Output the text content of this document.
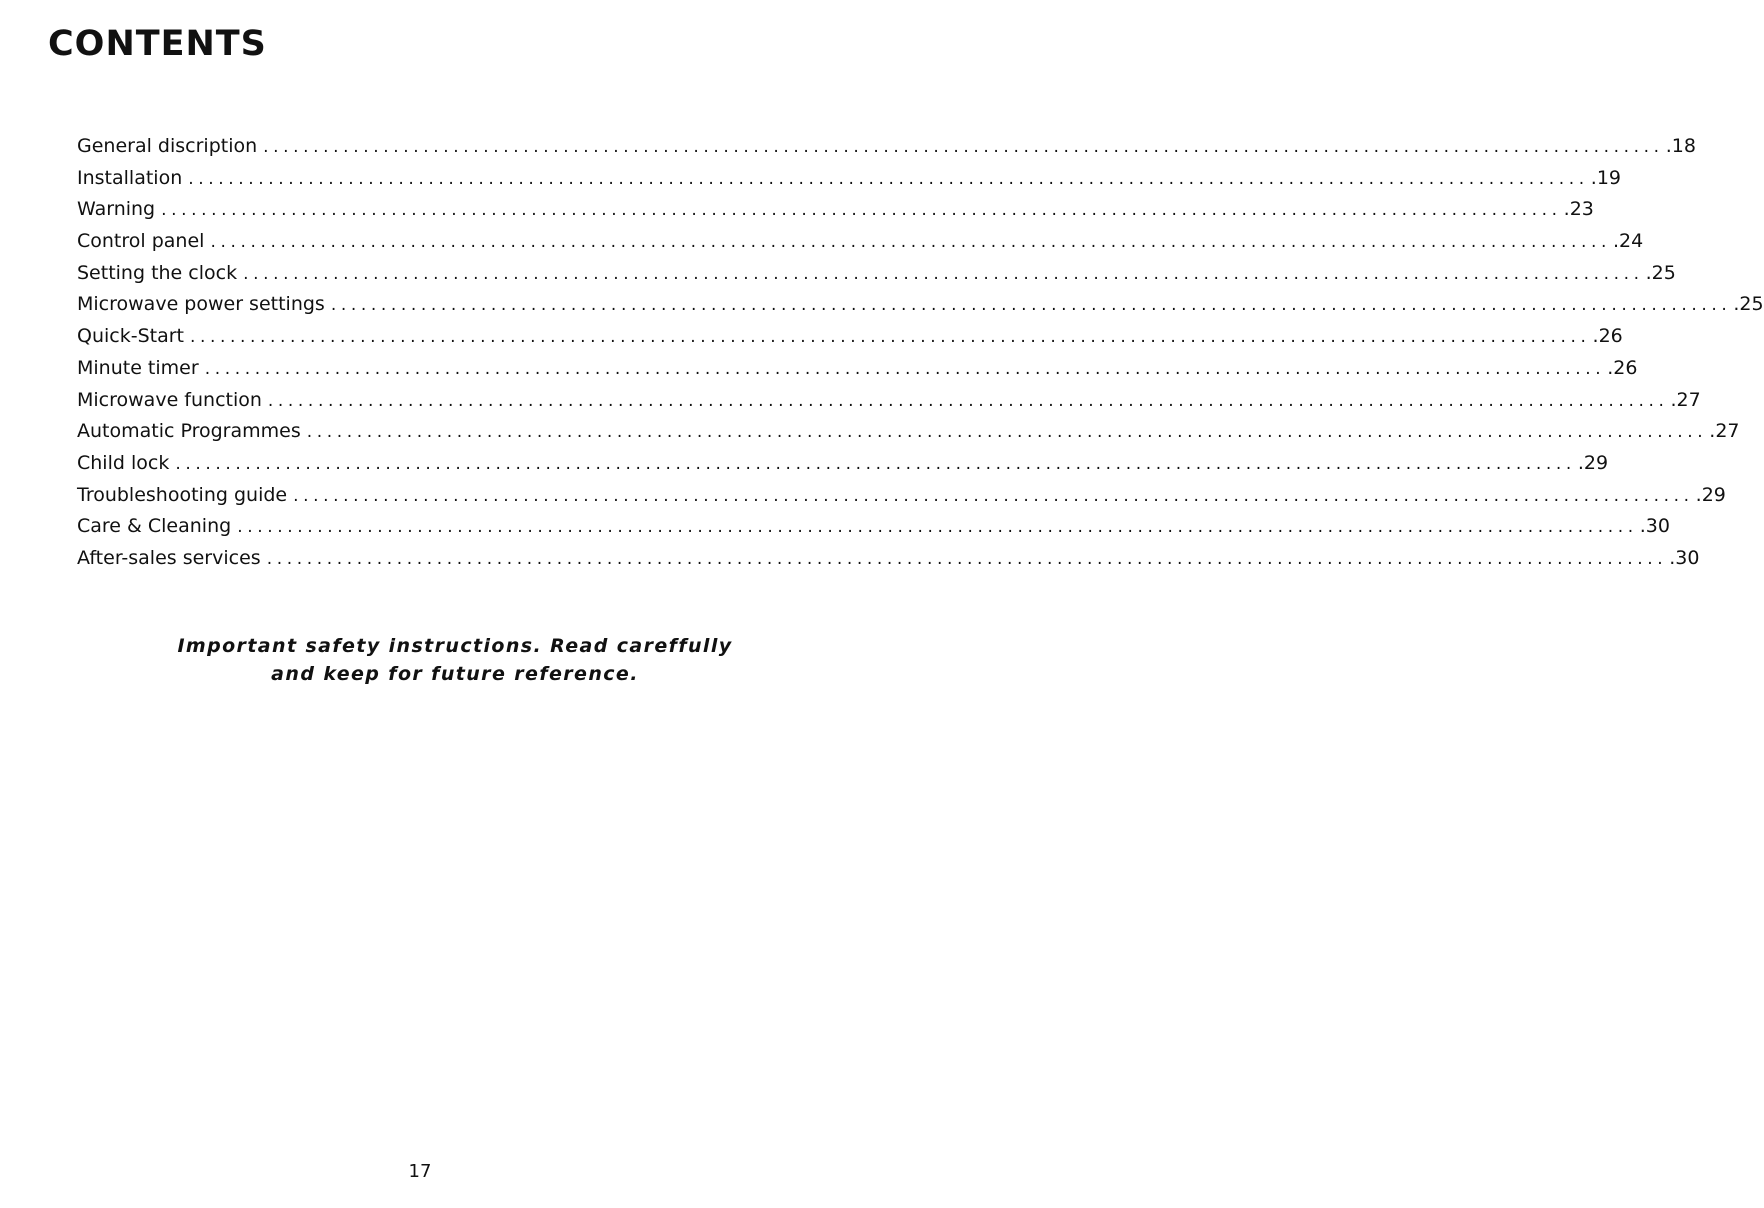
CONTENTS
General discription ............................................................................................................................................ .18
Installation ............................................................................................................................................ .19
Warning ............................................................................................................................................ .23
Control panel ............................................................................................................................................ .24
Setting the clock ............................................................................................................................................ .25
Microwave power settings ............................................................................................................................................ .25
Quick-Start ............................................................................................................................................ .26
Minute timer ............................................................................................................................................ .26
Microwave function ............................................................................................................................................ .27
Automatic Programmes ............................................................................................................................................ .27
Child lock ............................................................................................................................................ .29
Troubleshooting guide ............................................................................................................................................ .29
Care & Cleaning ............................................................................................................................................ .30
After-sales services ............................................................................................................................................ .30

Important safety instructions. Read careffully
and keep for future reference.

17
